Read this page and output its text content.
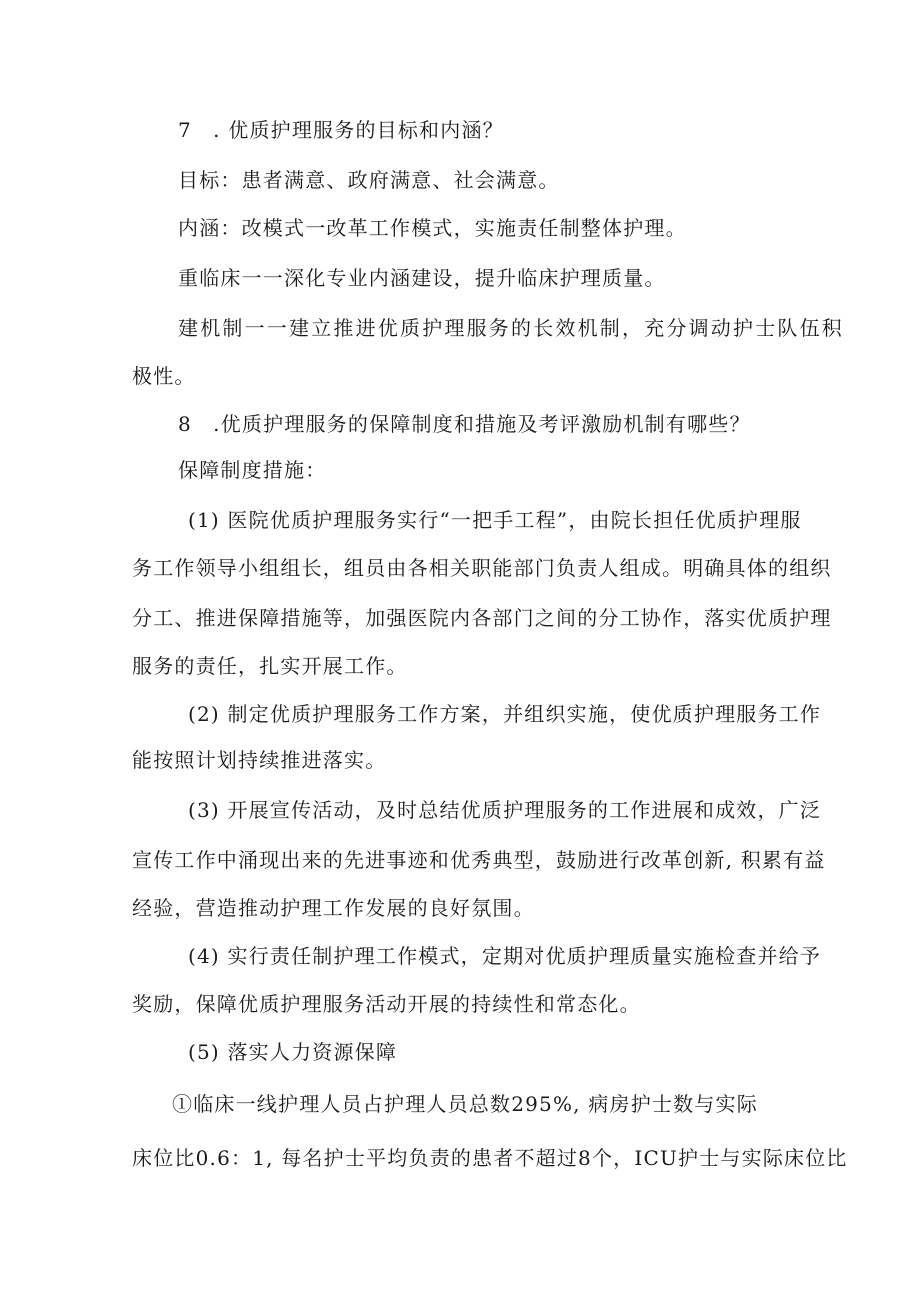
7　. 优质护理服务的目标和内涵？
目标：患者满意、政府满意、社会满意。
内涵：改模式一改革工作模式，实施责任制整体护理。
重临床一一深化专业内涵建设，提升临床护理质量。
建机制一一建立推进优质护理服务的长效机制，充分调动护士队伍积
极性。
8　.优质护理服务的保障制度和措施及考评激励机制有哪些？
保障制度措施：
(1) 医院优质护理服务实行“一把手工程”，由院长担任优质护理服
务工作领导小组组长，组员由各相关职能部门负责人组成。明确具体的组织
分工、推进保障措施等，加强医院内各部门之间的分工协作，落实优质护理
服务的责任，扎实开展工作。
(2) 制定优质护理服务工作方案，并组织实施，使优质护理服务工作
能按照计划持续推进落实。
(3) 开展宣传活动，及时总结优质护理服务的工作进展和成效，广泛
宣传工作中涌现出来的先进事迹和优秀典型，鼓励进行改革创新, 积累有益
经验，营造推动护理工作发展的良好氛围。
(4) 实行责任制护理工作模式，定期对优质护理质量实施检查并给予
奖励，保障优质护理服务活动开展的持续性和常态化。
(5) 落实人力资源保障
①临床一线护理人员占护理人员总数295%, 病房护士数与实际
床位比0.6：1, 每名护士平均负责的患者不超过8个，ICU护士与实际床位比
